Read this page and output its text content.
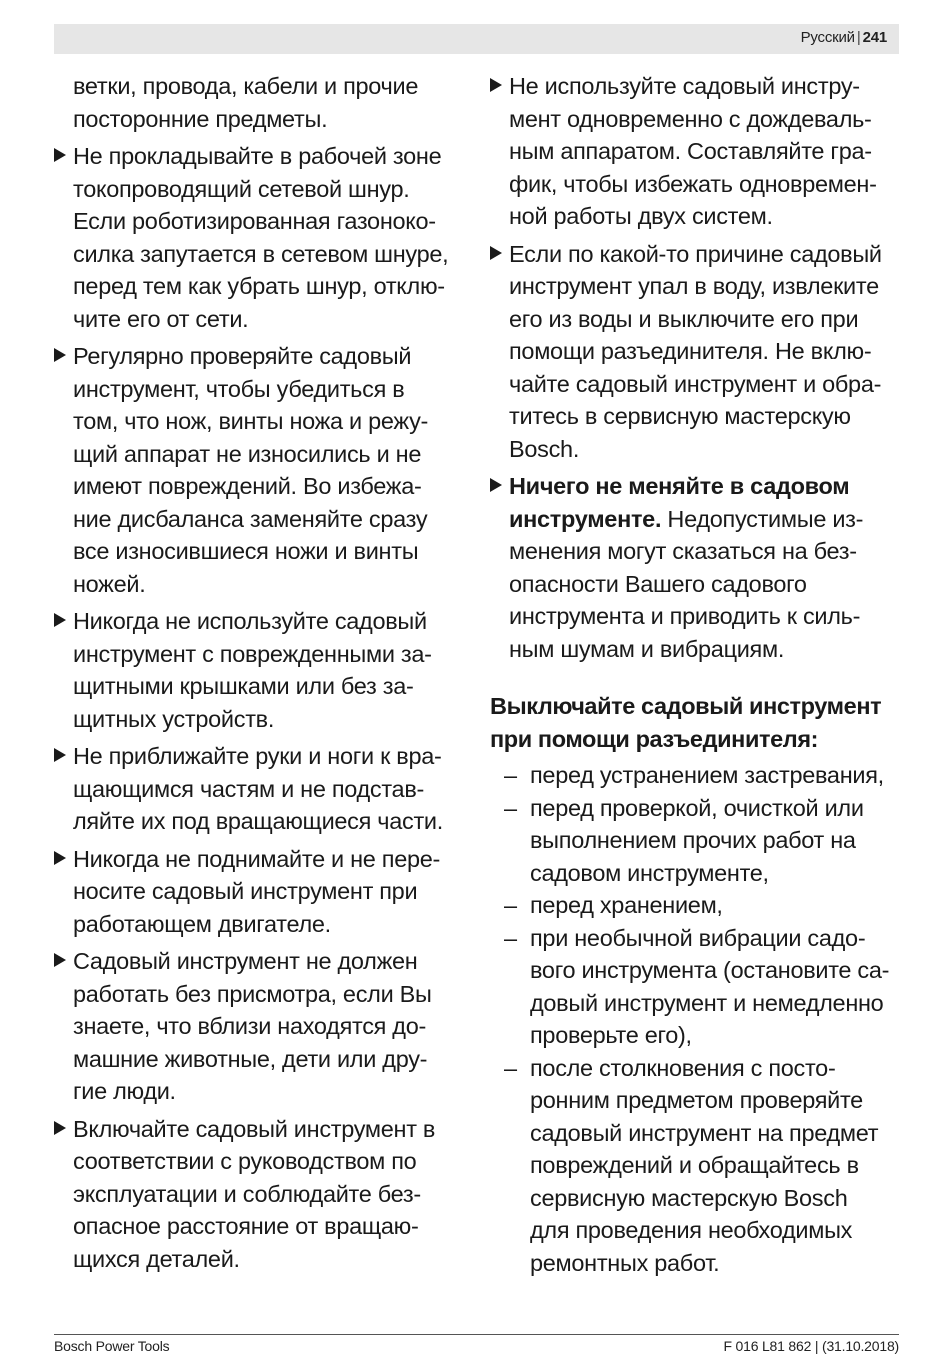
Русский | 241

ветки, провода, кабели и прочие

посторонние предметы.

Не прокладывайте в рабочей зоне

токопроводящий сетевой шнур.

Если роботизированная газоноко-

силка запутается в сетевом шнуре,

перед тем как убрать шнур, отклю-

чите его от сети.

Регулярно проверяйте садовый

инструмент, чтобы убедиться в

том, что нож, винты ножа и режу-

щий аппарат не износились и не

имеют повреждений. Во избежа-

ние дисбаланса заменяйте сразу

все износившиеся ножи и винты

ножей.

Никогда не используйте садовый

инструмент с поврежденными за-

щитными крышками или без за-

щитных устройств.

Не приближайте руки и ноги к вра-

щающимся частям и не подстав-

ляйте их под вращающиеся части.

Никогда не поднимайте и не пере-

носите садовый инструмент при

работающем двигателе.

Садовый инструмент не должен

работать без присмотра, если Вы

знаете, что вблизи находятся до-

машние животные, дети или дру-

гие люди.

Включайте садовый инструмент в

соответствии с руководством по

эксплуатации и соблюдайте без-

опасное расстояние от вращаю-

щихся деталей.

Не используйте садовый инстру-

мент одновременно с дождеваль-

ным аппаратом. Составляйте гра-

фик, чтобы избежать одновремен-

ной работы двух систем.

Если по какой-то причине садовый

инструмент упал в воду, извлеките

его из воды и выключите его при

помощи разъединителя. Не вклю-

чайте садовый инструмент и обра-

титесь в сервисную мастерскую

Bosch.

Ничего не меняйте в садовом

инструменте. Недопустимые из-

менения могут сказаться на без-

опасности Вашего садового

инструмента и приводить к силь-

ным шумам и вибрациям.

Выключайте садовый инструмент

при помощи разъединителя:

– перед устранением застревания,

– перед проверкой, очисткой или

выполнением прочих работ на

садовом инструменте,

– перед хранением,

– при необычной вибрации садо-

вого инструмента (остановите са-

довый инструмент и немедленно

проверьте его),

– после столкновения с посто-

ронним предметом проверяйте

садовый инструмент на предмет

повреждений и обращайтесь в

сервисную мастерскую Bosch

для проведения необходимых

ремонтных работ.

Bosch Power Tools	F 016 L81 862 | (31.10.2018)
